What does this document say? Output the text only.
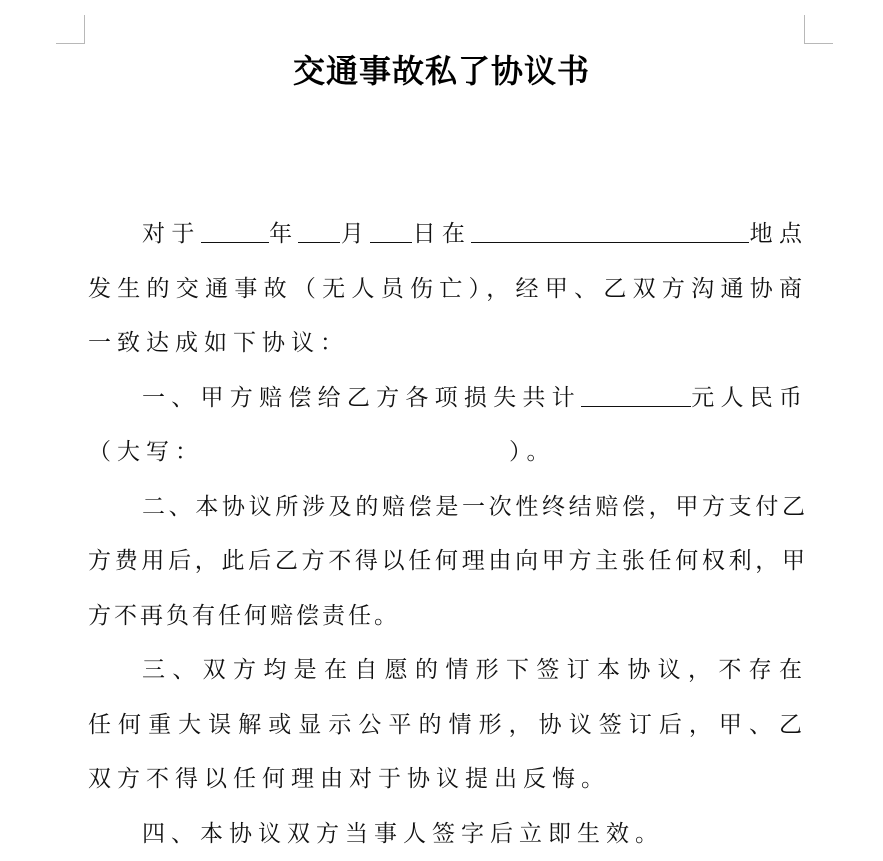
交通事故私了协议书

对于	年 月 日在	地点发生的交通事故（无人员伤亡），经甲、乙双方沟通协商一致达成如下协议：

一、甲方赔偿给乙方各项损失共计	元人民币（大写：	）。

二、本协议所涉及的赔偿是一次性终结赔偿，甲方支付乙方费用后，此后乙方不得以任何理由向甲方主张任何权利，甲方不再负有任何赔偿责任。

三、双方均是在自愿的情形下签订本协议，不存在任何重大误解或显示公平的情形，协议签订后，甲、乙双方不得以任何理由对于协议提出反悔。

四、本协议双方当事人签字后立即生效。
